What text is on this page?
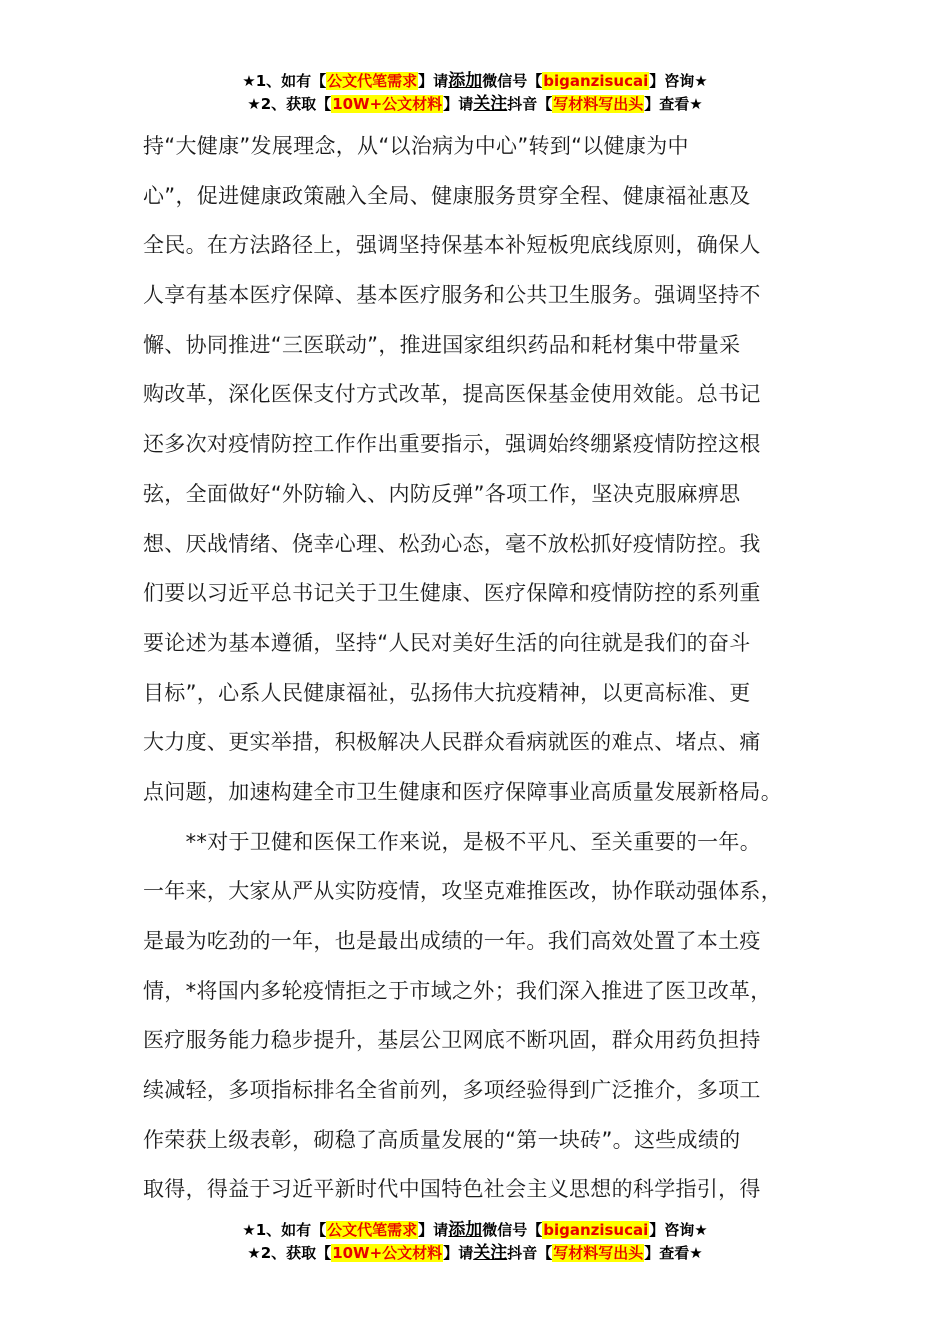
★1、如有【公文代笔需求】请添加微信号【biganzisucai】咨询★
★2、获取【10W+公文材料】请关注抖音【写材料写出头】查看★
持“大健康”发展理念，从“以治病为中心”转到“以健康为中
心”，促进健康政策融入全局、健康服务贯穿全程、健康福祉惠及
全民。在方法路径上，强调坚持保基本补短板兜底线原则，确保人
人享有基本医疗保障、基本医疗服务和公共卫生服务。强调坚持不
懈、协同推进“三医联动”，推进国家组织药品和耗材集中带量采
购改革，深化医保支付方式改革，提高医保基金使用效能。总书记
还多次对疫情防控工作作出重要指示，强调始终绷紧疫情防控这根
弦，全面做好“外防输入、内防反弹”各项工作，坚决克服麻痹思
想、厌战情绪、侥幸心理、松劲心态，毫不放松抓好疫情防控。我
们要以习近平总书记关于卫生健康、医疗保障和疫情防控的系列重
要论述为基本遵循，坚持“人民对美好生活的向往就是我们的奋斗
目标”，心系人民健康福祉，弘扬伟大抗疫精神，以更高标准、更
大力度、更实举措，积极解决人民群众看病就医的难点、堵点、痛
点问题，加速构建全市卫生健康和医疗保障事业高质量发展新格局。
　　**对于卫健和医保工作来说，是极不平凡、至关重要的一年。
一年来，大家从严从实防疫情，攻坚克难推医改，协作联动强体系，
是最为吃劲的一年，也是最出成绩的一年。我们高效处置了本土疫
情，*将国内多轮疫情拒之于市域之外；我们深入推进了医卫改革，
医疗服务能力稳步提升，基层公卫网底不断巩固，群众用药负担持
续减轻，多项指标排名全省前列，多项经验得到广泛推介，多项工
作荣获上级表彰，砌稳了高质量发展的“第一块砖”。这些成绩的
取得，得益于习近平新时代中国特色社会主义思想的科学指引，得
★1、如有【公文代笔需求】请添加微信号【biganzisucai】咨询★
★2、获取【10W+公文材料】请关注抖音【写材料写出头】查看★
